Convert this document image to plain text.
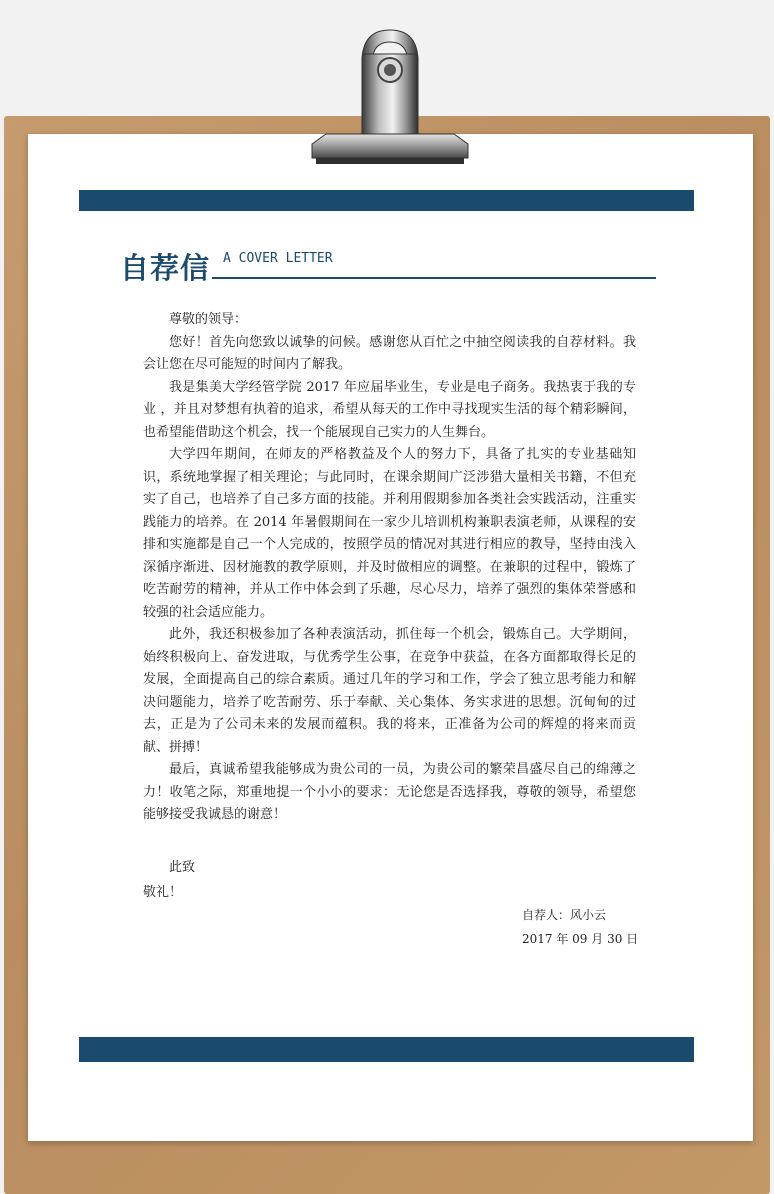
自荐信 A COVER LETTER

尊敬的领导：

您好！首先向您致以诚挚的问候。感谢您从百忙之中抽空阅读我的自荐材料。我会让您在尽可能短的时间内了解我。

我是集美大学经管学院 2017 年应届毕业生，专业是电子商务。我热衷于我的专业 ，并且对梦想有执着的追求，希望从每天的工作中寻找现实生活的每个精彩瞬间，也希望能借助这个机会，找一个能展现自己实力的人生舞台。

大学四年期间，在师友的严格教益及个人的努力下，具备了扎实的专业基础知识，系统地掌握了相关理论；与此同时，在课余期间广泛涉猎大量相关书籍，不但充实了自己，也培养了自己多方面的技能。并利用假期参加各类社会实践活动，注重实践能力的培养。在 2014 年暑假期间在一家少儿培训机构兼职表演老师，从课程的安排和实施都是自己一个人完成的，按照学员的情况对其进行相应的教导，坚持由浅入深循序渐进、因材施教的教学原则，并及时做相应的调整。在兼职的过程中，锻炼了吃苦耐劳的精神，并从工作中体会到了乐趣，尽心尽力，培养了强烈的集体荣誉感和较强的社会适应能力。

此外，我还积极参加了各种表演活动，抓住每一个机会，锻炼自己。大学期间，始终积极向上、奋发进取，与优秀学生公事，在竞争中获益，在各方面都取得长足的发展，全面提高自己的综合素质。通过几年的学习和工作，学会了独立思考能力和解决问题能力，培养了吃苦耐劳、乐于奉献、关心集体、务实求进的思想。沉甸甸的过去，正是为了公司未来的发展而蕴积。我的将来，正准备为公司的辉煌的将来而贡献、拼搏！

最后，真诚希望我能够成为贵公司的一员，为贵公司的繁荣昌盛尽自己的绵薄之力！收笔之际，郑重地提一个小小的要求：无论您是否选择我，尊敬的领导，希望您能够接受我诚恳的谢意！

此致
敬礼！
自荐人：风小云
2017 年 09 月 30 日
